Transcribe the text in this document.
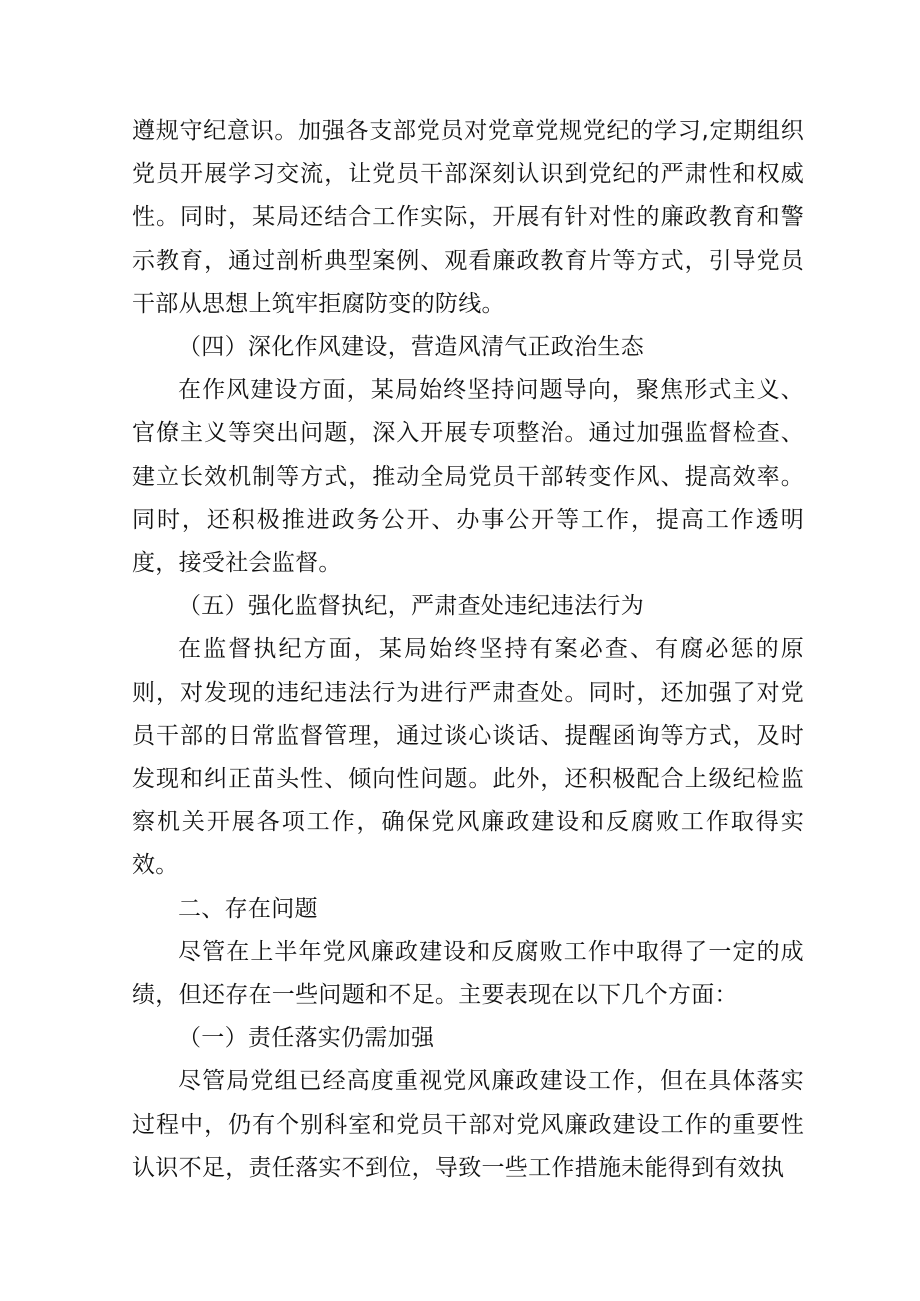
遵规守纪意识。加强各支部党员对党章党规党纪的学习,定期组织党员开展学习交流，让党员干部深刻认识到党纪的严肃性和权威性。同时，某局还结合工作实际，开展有针对性的廉政教育和警示教育，通过剖析典型案例、观看廉政教育片等方式，引导党员干部从思想上筑牢拒腐防变的防线。

（四）深化作风建设，营造风清气正政治生态

在作风建设方面，某局始终坚持问题导向，聚焦形式主义、官僚主义等突出问题，深入开展专项整治。通过加强监督检查、建立长效机制等方式，推动全局党员干部转变作风、提高效率。同时，还积极推进政务公开、办事公开等工作，提高工作透明度，接受社会监督。

（五）强化监督执纪，严肃查处违纪违法行为

在监督执纪方面，某局始终坚持有案必查、有腐必惩的原则，对发现的违纪违法行为进行严肃查处。同时，还加强了对党员干部的日常监督管理，通过谈心谈话、提醒函询等方式，及时发现和纠正苗头性、倾向性问题。此外，还积极配合上级纪检监察机关开展各项工作，确保党风廉政建设和反腐败工作取得实效。

二、存在问题

尽管在上半年党风廉政建设和反腐败工作中取得了一定的成绩，但还存在一些问题和不足。主要表现在以下几个方面：

（一）责任落实仍需加强

尽管局党组已经高度重视党风廉政建设工作，但在具体落实过程中，仍有个别科室和党员干部对党风廉政建设工作的重要性认识不足，责任落实不到位，导致一些工作措施未能得到有效执
